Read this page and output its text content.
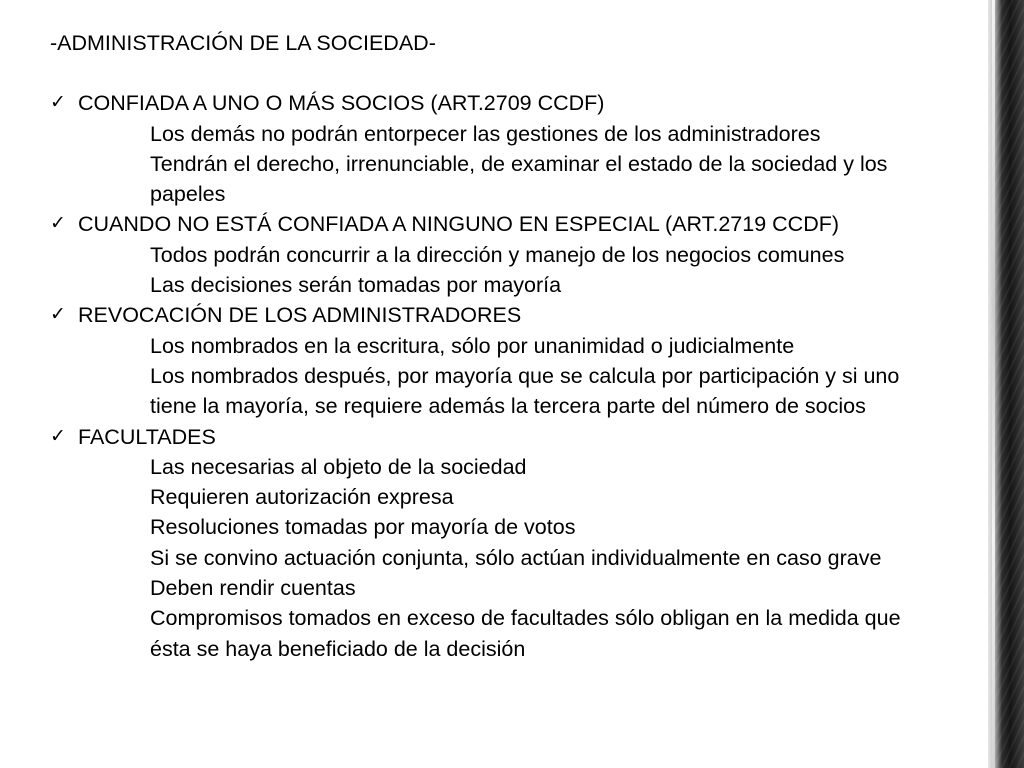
-ADMINISTRACIÓN DE LA SOCIEDAD-
✓ CONFIADA A UNO O MÁS SOCIOS (ART.2709 CCDF)
Los demás no podrán entorpecer las gestiones de los administradores
Tendrán el derecho, irrenunciable, de examinar el estado de la sociedad y los papeles
✓ CUANDO NO ESTÁ CONFIADA A NINGUNO EN ESPECIAL (ART.2719 CCDF)
Todos podrán concurrir a la dirección y manejo de los negocios comunes
Las decisiones serán tomadas por mayoría
✓ REVOCACIÓN DE LOS ADMINISTRADORES
Los nombrados en la escritura, sólo por unanimidad o judicialmente
Los nombrados después, por mayoría que se calcula por participación y si uno tiene la mayoría, se requiere además la tercera parte del número de socios
✓ FACULTADES
Las necesarias al objeto de la sociedad
Requieren autorización expresa
Resoluciones tomadas por mayoría de votos
Si se convino actuación conjunta, sólo actúan individualmente en caso grave
Deben rendir cuentas
Compromisos tomados en exceso de facultades sólo obligan en la medida que ésta se haya beneficiado de la decisión
